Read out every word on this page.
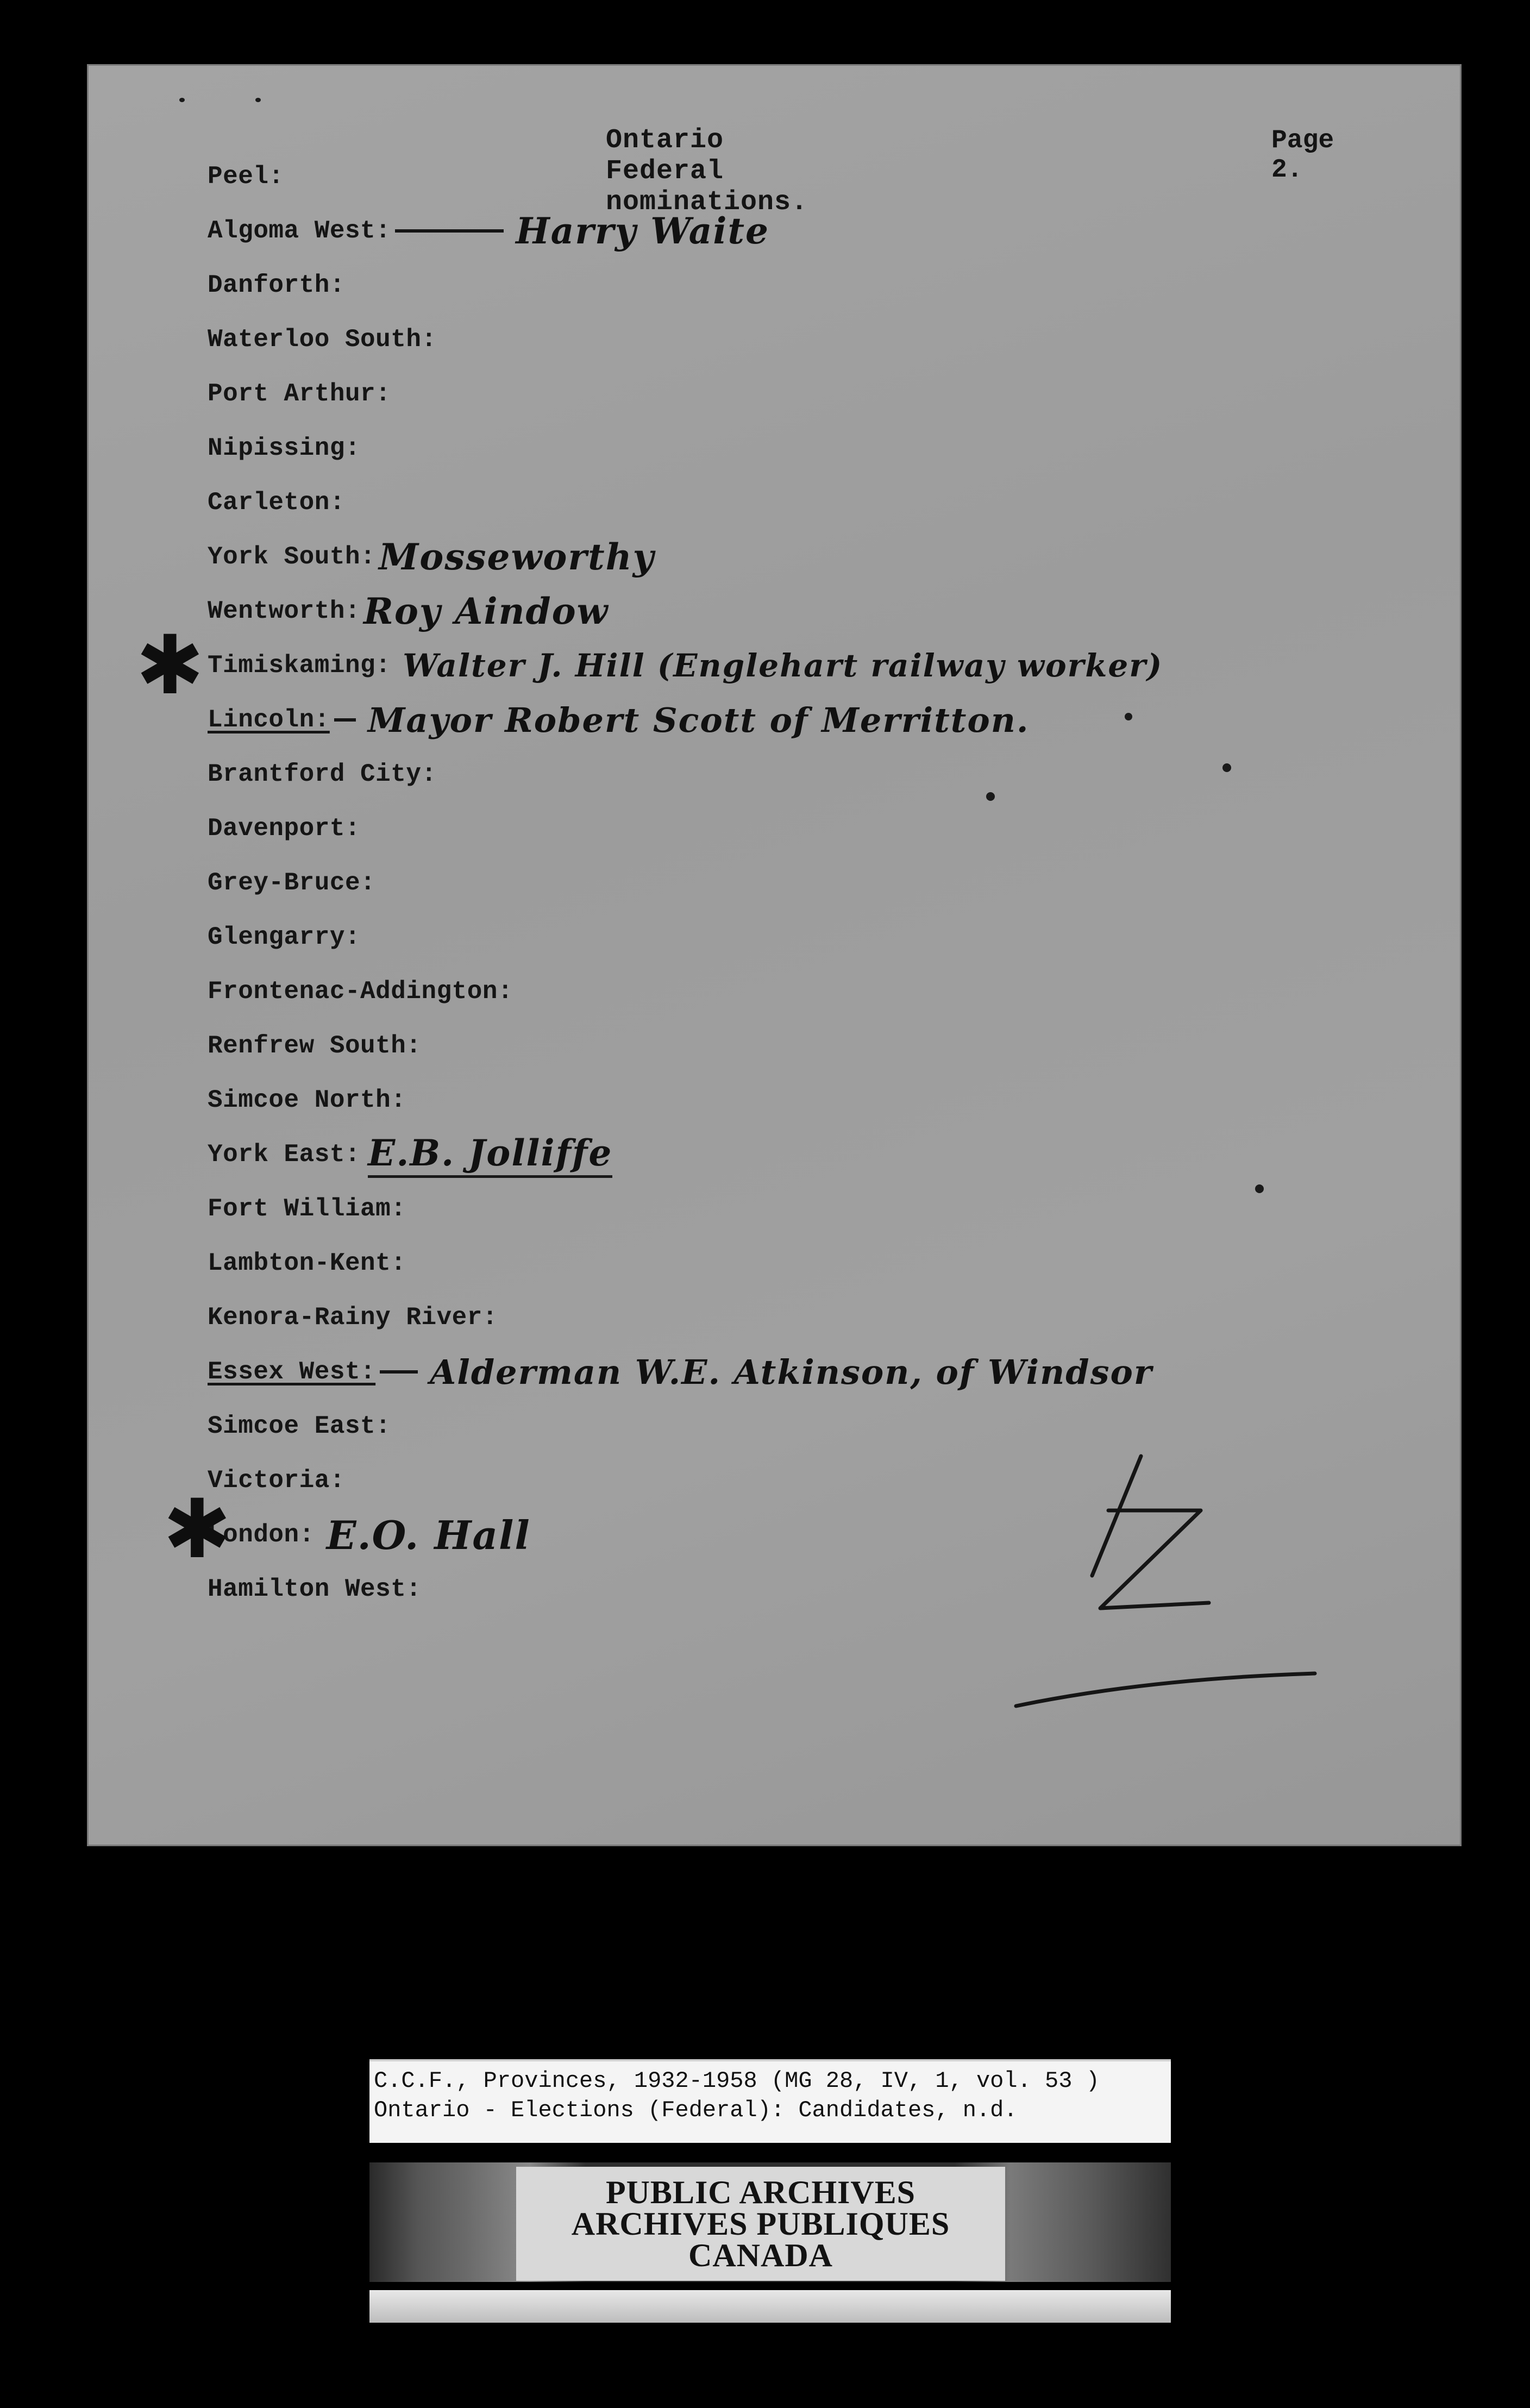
Ontario Federal nominations.
Page 2.
Peel:
Algoma West:	Harry Waite
Danforth:
Waterloo South:
Port Arthur:
Nipissing:
Carleton:
York South: Mosseworthy
Wentworth: Roy Aindow
Timiskaming: Walter J. Hill (Englehart railway worker)
Lincoln: Mayor Robert Scott of Merritton.
Brantford City:
Davenport:
Grey-Bruce:
Glengarry:
Frontenac-Addington:
Renfrew South:
Simcoe North:
York East: E.B. Jolliffe
Fort William:
Lambton-Kent:
Kenora-Rainy River:
Essex West: Alderman W.E. Atkinson, of Windsor
Simcoe East:
Victoria:
London: E.O. Hall
Hamilton West:
✱
✱
C.C.F., Provinces, 1932-1958 (MG 28, IV, 1, vol. 53 )
Ontario - Elections (Federal): Candidates, n.d.
PUBLIC ARCHIVES
ARCHIVES PUBLIQUES
CANADA
